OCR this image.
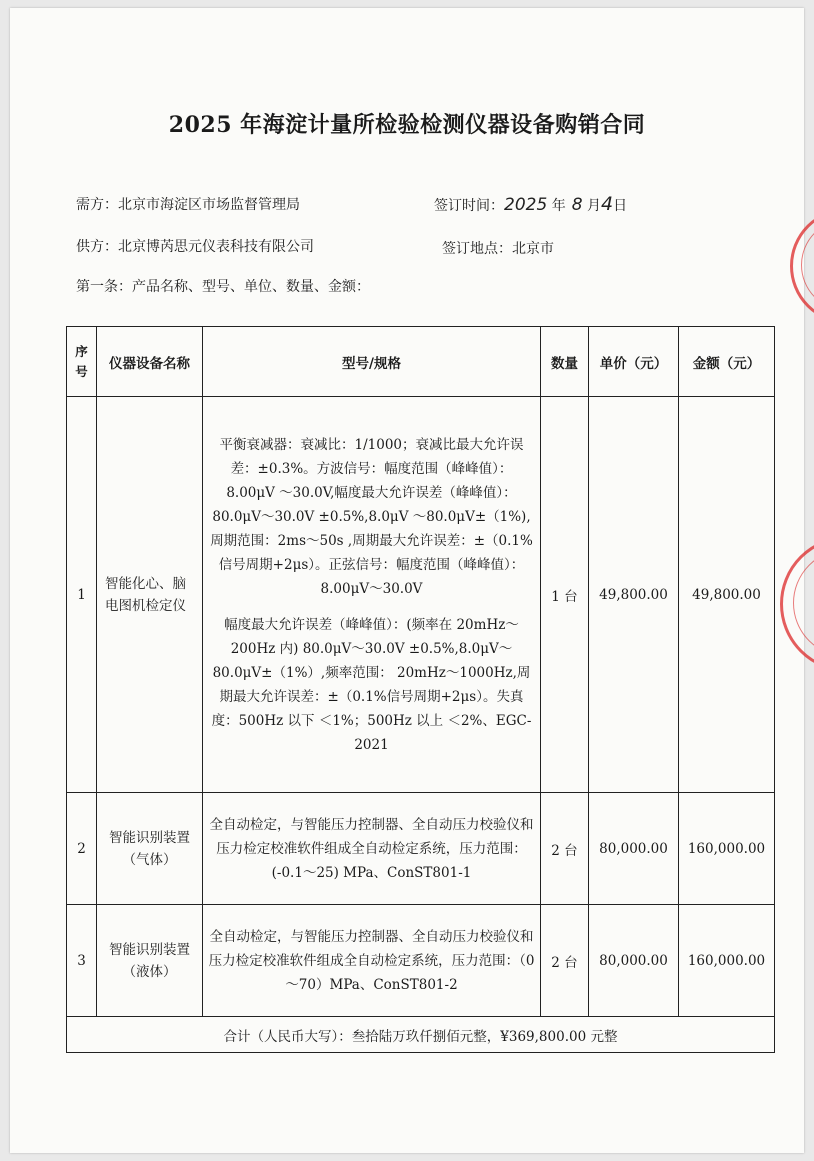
2025 年海淀计量所检验检测仪器设备购销合同
需方：北京市海淀区市场监督管理局	签订时间：2025 年 8 月4日
供方：北京博芮思元仪表科技有限公司	签订地点：北京市
第一条：产品名称、型号、单位、数量、金额：
序号	仪器设备名称	型号/规格	数量	单价（元）	金额（元）
1	智能化心、脑电图机检定仪	平衡衰减器：衰减比：1/1000；衰减比最大允许误差：±0.3%。方波信号：幅度范围（峰峰值）：8.00μV ～30.0V,幅度最大允许误差（峰峰值）：80.0μV～30.0V ±0.5%,8.0μV ～80.0μV±（1%),周期范围：2ms～50s ,周期最大允许误差：±（0.1%信号周期+2μs）。正弦信号：幅度范围（峰峰值）：8.00μV～30.0V

幅度最大允许误差（峰峰值）：(频率在 20mHz～200Hz 内) 80.0μV～30.0V ±0.5%,8.0μV～80.0μV±（1%）,频率范围： 20mHz～1000Hz,周期最大允许误差：±（0.1%信号周期+2μs）。失真度：500Hz 以下 ＜1%；500Hz 以上 ＜2%、EGC-2021	1 台	49,800.00	49,800.00
2	智能识别装置（气体）	全自动检定，与智能压力控制器、全自动压力校验仪和压力检定校准软件组成全自动检定系统，压力范围：(-0.1～25) MPa、ConST801-1	2 台	80,000.00	160,000.00
3	智能识别装置（液体）	全自动检定，与智能压力控制器、全自动压力校验仪和压力检定校准软件组成全自动检定系统，压力范围：（0～70）MPa、ConST801-2	2 台	80,000.00	160,000.00
合计（人民币大写）：叁拾陆万玖仟捌佰元整，¥369,800.00 元整					
